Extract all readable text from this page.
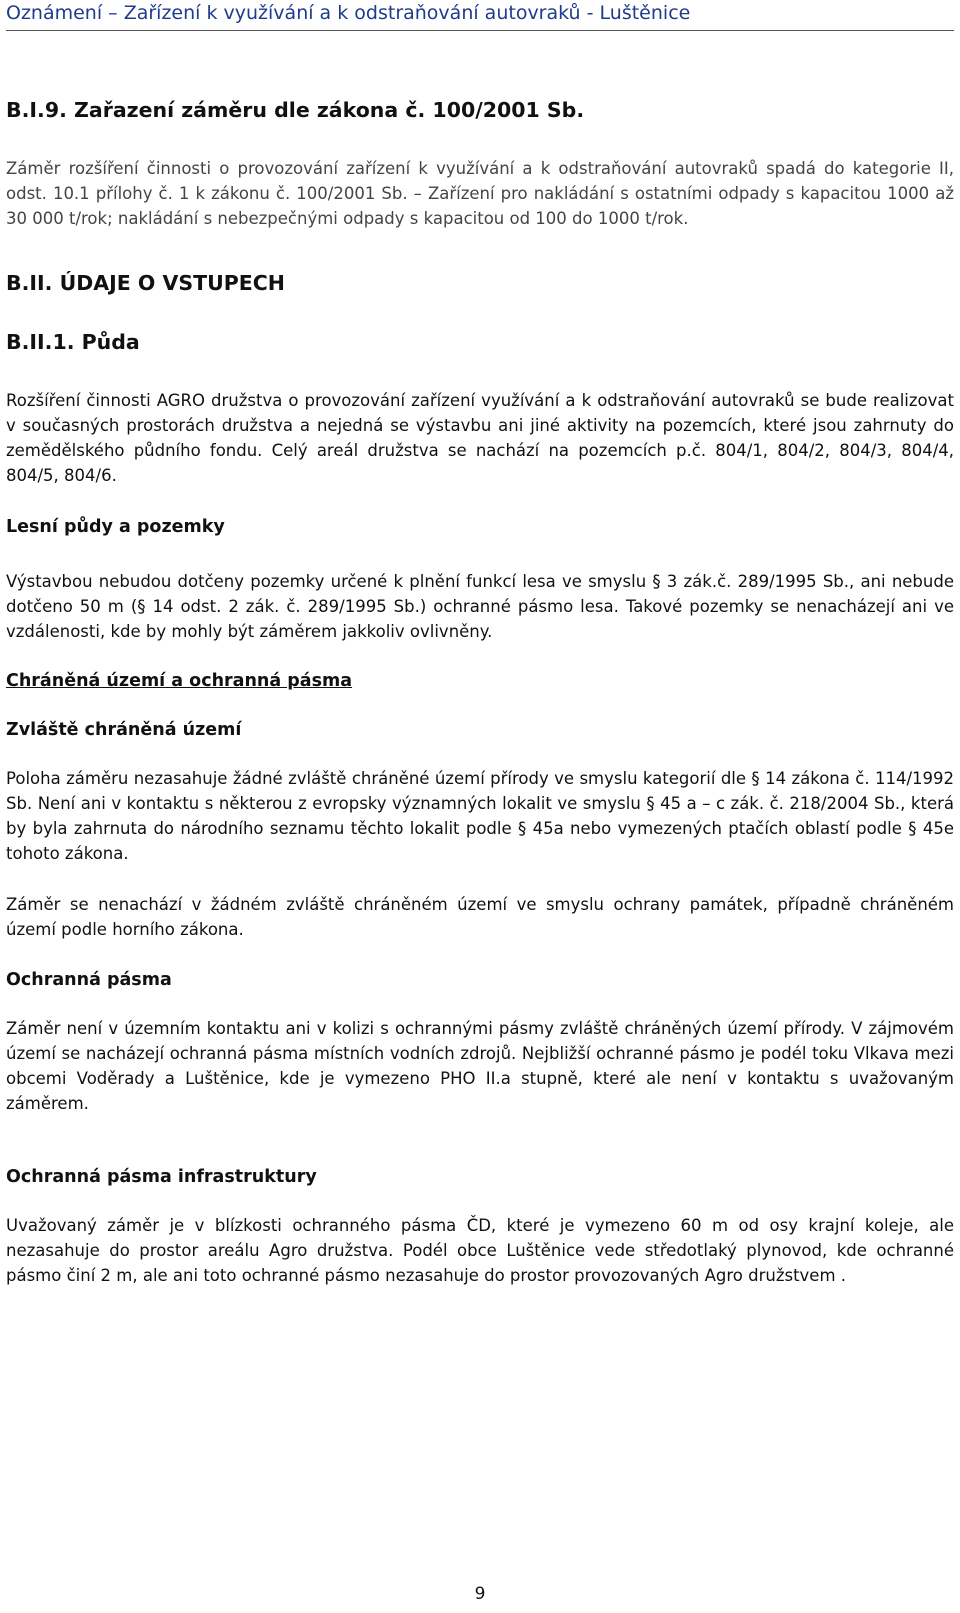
Oznámení – Zařízení k využívání a k odstraňování autovraků - Luštěnice
B.I.9. Zařazení záměru dle zákona č. 100/2001 Sb.

Záměr rozšíření činnosti o provozování zařízení k využívání a k odstraňování autovraků spadá do kategorie II, odst. 10.1 přílohy č. 1 k zákonu č. 100/2001 Sb. – Zařízení pro nakládání s ostatními odpady s kapacitou 1000 až 30 000 t/rok; nakládání s nebezpečnými odpady s kapacitou od 100 do 1000 t/rok.

B.II. ÚDAJE O VSTUPECH
B.II.1. Půda

Rozšíření činnosti AGRO družstva o provozování zařízení využívání a k odstraňování autovraků se bude realizovat v současných prostorách družstva a nejedná se výstavbu ani jiné aktivity na pozemcích, které jsou zahrnuty do zemědělského půdního fondu. Celý areál družstva se nachází na pozemcích p.č. 804/1, 804/2, 804/3, 804/4, 804/5, 804/6.

Lesní půdy a pozemky

Výstavbou nebudou dotčeny pozemky určené k plnění funkcí lesa ve smyslu § 3 zák.č. 289/1995 Sb., ani nebude dotčeno 50 m (§ 14 odst. 2 zák. č. 289/1995 Sb.) ochranné pásmo lesa. Takové pozemky se nenacházejí ani ve vzdálenosti, kde by mohly být záměrem jakkoliv ovlivněny.

Chráněná území a ochranná pásma
Zvláště chráněná území

Poloha záměru nezasahuje žádné zvláště chráněné území přírody ve smyslu kategorií dle § 14 zákona č. 114/1992 Sb. Není ani v kontaktu s některou z evropsky významných lokalit ve smyslu § 45 a – c zák. č. 218/2004 Sb., která by byla zahrnuta do národního seznamu těchto lokalit podle § 45a nebo vymezených ptačích oblastí podle § 45e tohoto zákona.

Záměr se nenachází v žádném zvláště chráněném území ve smyslu ochrany památek, případně chráněném území podle horního zákona.

Ochranná pásma

Záměr není v územním kontaktu ani v kolizi s ochrannými pásmy zvláště chráněných území přírody. V zájmovém území se nacházejí ochranná pásma místních vodních zdrojů. Nejbližší ochranné pásmo je podél toku Vlkava mezi obcemi Voděrady a Luštěnice, kde je vymezeno PHO II.a stupně, které ale není v kontaktu s uvažovaným záměrem.

Ochranná pásma infrastruktury

Uvažovaný záměr je v blízkosti ochranného pásma ČD, které je vymezeno 60 m od osy krajní koleje, ale nezasahuje do prostor areálu Agro družstva. Podél obce Luštěnice vede středotlaký plynovod, kde ochranné pásmo činí 2 m, ale ani toto ochranné pásmo nezasahuje do prostor provozovaných Agro družstvem .

9
